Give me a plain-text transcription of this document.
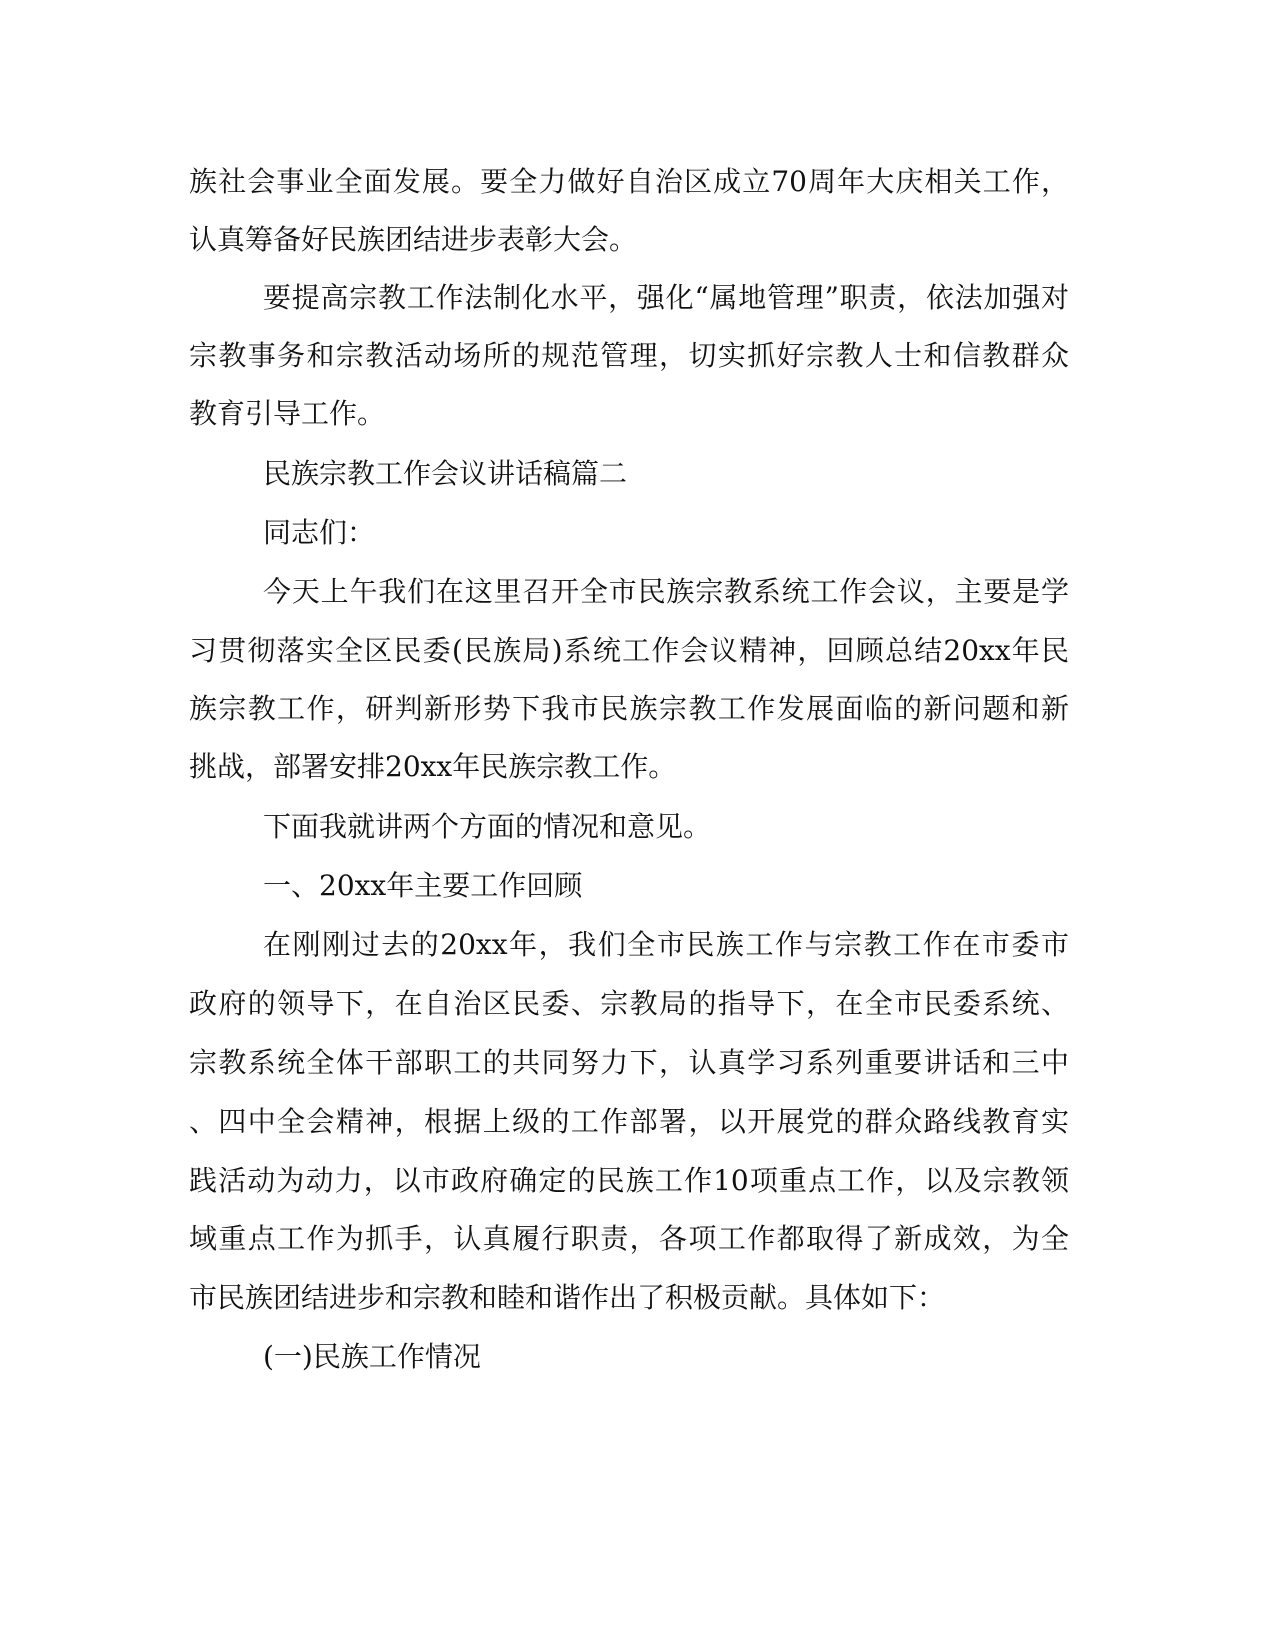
族社会事业全面发展。要全力做好自治区成立70周年大庆相关工作，
认真筹备好民族团结进步表彰大会。
要提高宗教工作法制化水平，强化“属地管理”职责，依法加强对
宗教事务和宗教活动场所的规范管理，切实抓好宗教人士和信教群众
教育引导工作。
民族宗教工作会议讲话稿篇二
同志们：
今天上午我们在这里召开全市民族宗教系统工作会议，主要是学
习贯彻落实全区民委(民族局)系统工作会议精神，回顾总结20xx年民
族宗教工作，研判新形势下我市民族宗教工作发展面临的新问题和新
挑战，部署安排20xx年民族宗教工作。
下面我就讲两个方面的情况和意见。
一、20xx年主要工作回顾
在刚刚过去的20xx年，我们全市民族工作与宗教工作在市委市
政府的领导下，在自治区民委、宗教局的指导下，在全市民委系统、
宗教系统全体干部职工的共同努力下，认真学习系列重要讲话和三中
、四中全会精神，根据上级的工作部署，以开展党的群众路线教育实
践活动为动力，以市政府确定的民族工作10项重点工作，以及宗教领
域重点工作为抓手，认真履行职责，各项工作都取得了新成效，为全
市民族团结进步和宗教和睦和谐作出了积极贡献。具体如下：
(一)民族工作情况
